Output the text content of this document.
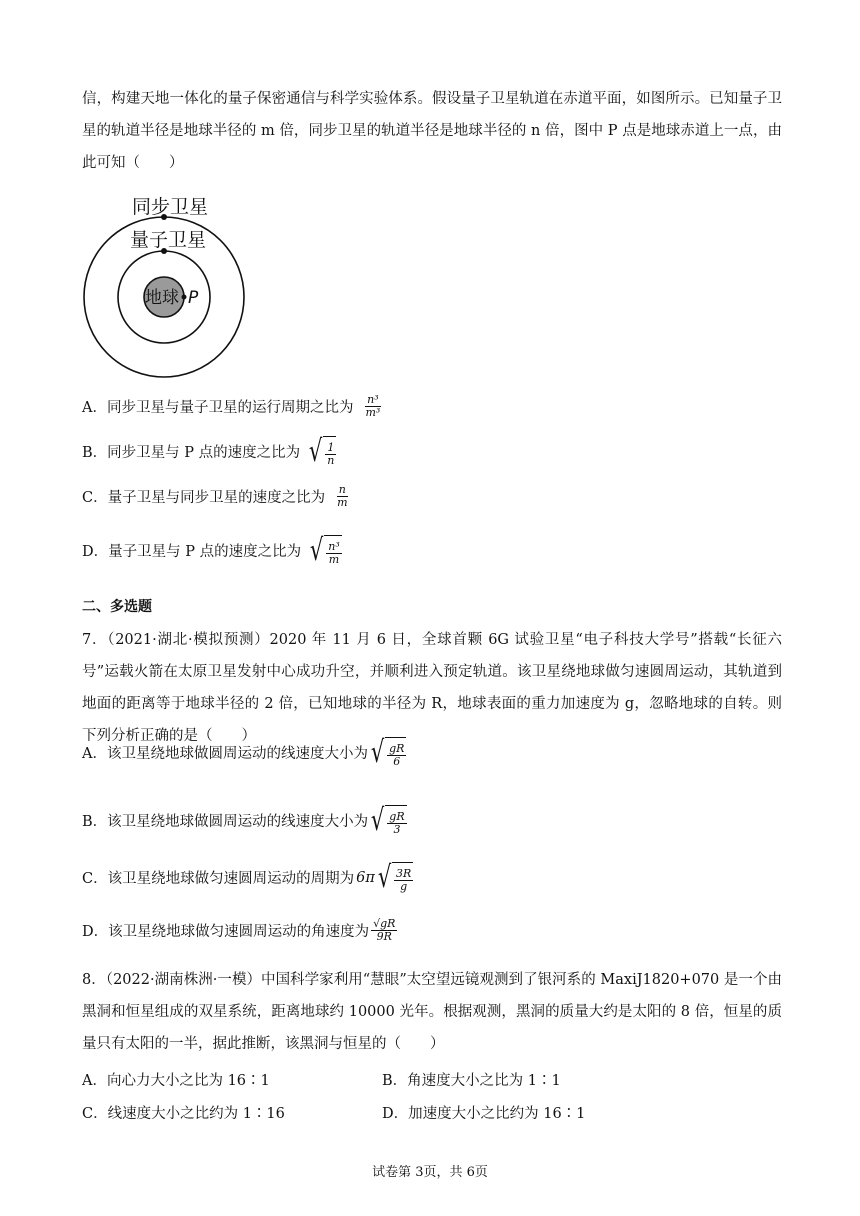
信，构建天地一体化的量子保密通信与科学实验体系。假设量子卫星轨道在赤道平面，如图所示。已知量子卫星的轨道半径是地球半径的 m 倍，同步卫星的轨道半径是地球半径的 n 倍，图中 P 点是地球赤道上一点，由此可知（　　）
同步卫星
量子卫星
地球 P
A．同步卫星与量子卫星的运行周期之比为 $\frac{\text{n³}}{\text{m³}}$
B．同步卫星与 P 点的速度之比为 √ $\frac{1}{n}$
C．量子卫星与同步卫星的速度之比为 $\frac{n}{m}$
D．量子卫星与 P 点的速度之比为 √ $\frac{\text{n³}}{m}$
二、多选题
7．（2021·湖北·模拟预测）2020 年 11 月 6 日，全球首颗 6G 试验卫星“电子科技大学号”搭载“长征六号”运载火箭在太原卫星发射中心成功升空，并顺利进入预定轨道。该卫星绕地球做匀速圆周运动，其轨道到地面的距离等于地球半径的 2 倍，已知地球的半径为 R，地球表面的重力加速度为 g，忽略地球的自转。则下列分析正确的是（　　）
A．该卫星绕地球做圆周运动的线速度大小为 √ $\frac{gR}{6}$
B．该卫星绕地球做圆周运动的线速度大小为 √ $\frac{gR}{3}$
C．该卫星绕地球做匀速圆周运动的周期为 6π √ $\frac{3R}{g}$
D．该卫星绕地球做匀速圆周运动的角速度为 $\frac{√gR}{9R}$
8．（2022·湖南株洲·一模）中国科学家利用“慧眼”太空望远镜观测到了银河系的 MaxiJ1820+070 是一个由黑洞和恒星组成的双星系统，距离地球约 10000 光年。根据观测，黑洞的质量大约是太阳的 8 倍，恒星的质量只有太阳的一半，据此推断，该黑洞与恒星的（　　）
A．向心力大小之比为 16∶1	B．角速度大小之比为 1∶1
C．线速度大小之比约为 1∶16	D．加速度大小之比约为 16∶1
试卷第 3页，共 6页
